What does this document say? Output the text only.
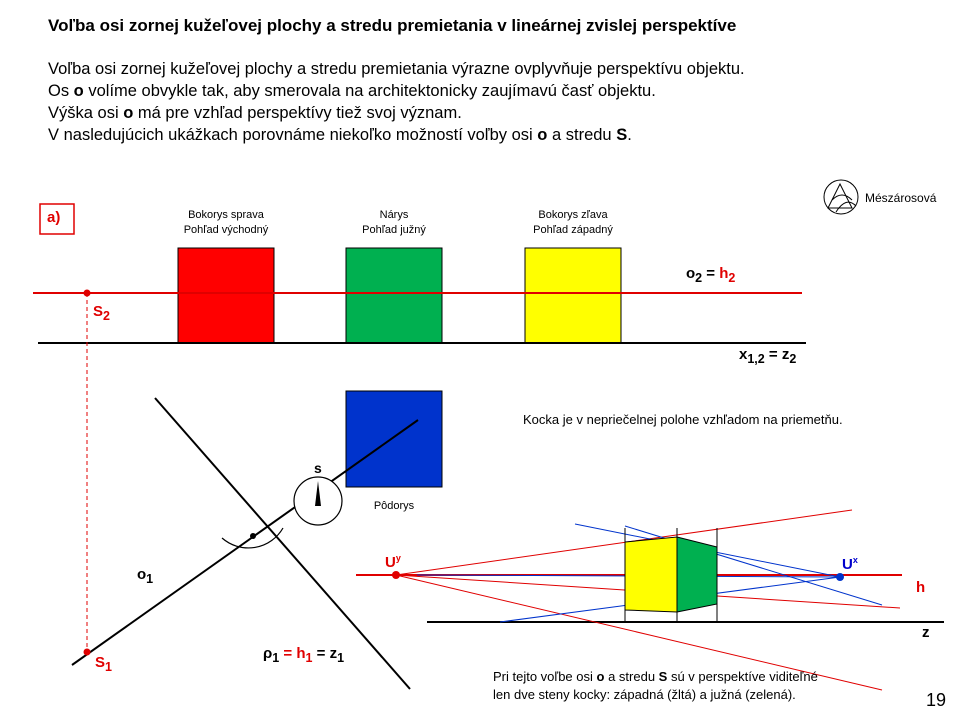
Voľba osi zornej kužeľovej plochy a stredu premietania v lineárnej zvislej perspektíve
Voľba osi zornej kužeľovej plochy a stredu premietania výrazne ovplyvňuje perspektívu objektu.
Os o volíme obvykle tak, aby smerovala na architektonicky zaujímavú časť objektu.
Výška osi o má pre vzhľad perspektívy tiež svoj význam.
V nasledujúcich ukážkach porovnáme niekoľko možností voľby osi o a stredu S.
a)
Mészárosová
Bokorys sprava
Pohľad východný
Nárys
Pohľad južný
Bokorys zľava
Pohľad západný
Pôdorys
$o_2 = h_2$
$S_2$
$x_{1,2} = z_2$
$o_1$
$S_1$
$\rho_1 = h_1 = z_1$
s
$U^y$	$U^x$
h
z
Kocka je v nepriečelnej polohe vzhľadom na priemetňu.
Pri tejto voľbe osi o a stredu S sú v perspektíve viditeľné
len dve steny kocky: západná (žltá) a južná (zelená).	19
